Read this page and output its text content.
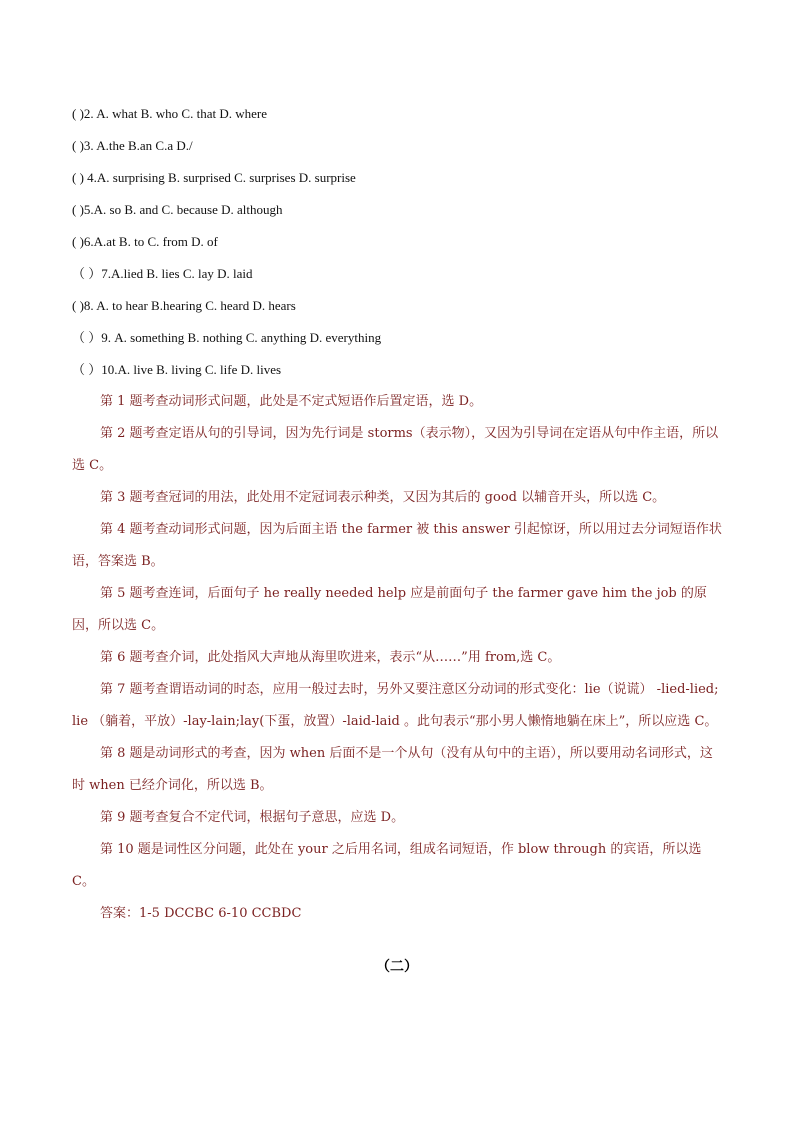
( )2. A. what B. who C. that D. where
( )3. A.the B.an C.a D./
( ) 4.A. surprising B. surprised C. surprises D. surprise
( )5.A. so B. and C. because D. although
( )6.A.at B. to C. from D. of
（ ）7.A.lied B. lies C. lay D. laid
( )8. A. to hear B.hearing C. heard D. hears
（ ）9. A. something B. nothing C. anything D. everything
（ ）10.A. live B. living C. life D. lives

第 1 题考查动词形式问题，此处是不定式短语作后置定语，选 D。

第 2 题考查定语从句的引导词，因为先行词是 storms（表示物），又因为引导词在定语从句中作主语，所以选 C。

第 3 题考查冠词的用法，此处用不定冠词表示种类，又因为其后的 good 以辅音开头，所以选 C。

第 4 题考查动词形式问题，因为后面主语 the farmer 被 this answer 引起惊讶，所以用过去分词短语作状语，答案选 B。

第 5 题考查连词，后面句子 he really needed help 应是前面句子 the farmer gave him the job 的原因，所以选 C。

第 6 题考查介词，此处指风大声地从海里吹进来，表示“从……”用 from,选 C。

第 7 题考查谓语动词的时态，应用一般过去时，另外又要注意区分动词的形式变化：lie（说谎） -lied-lied;lie （躺着，平放）-lay-lain;lay(下蛋，放置）-laid-laid 。此句表示“那小男人懒惰地躺在床上”，所以应选 C。

第 8 题是动词形式的考查，因为 when 后面不是一个从句（没有从句中的主语），所以要用动名词形式，这时 when 已经介词化，所以选 B。

第 9 题考查复合不定代词，根据句子意思，应选 D。

第 10 题是词性区分问题，此处在 your 之后用名词，组成名词短语，作 blow through 的宾语，所以选 C。

答案：1-5 DCCBC 6-10 CCBDC

（二）
